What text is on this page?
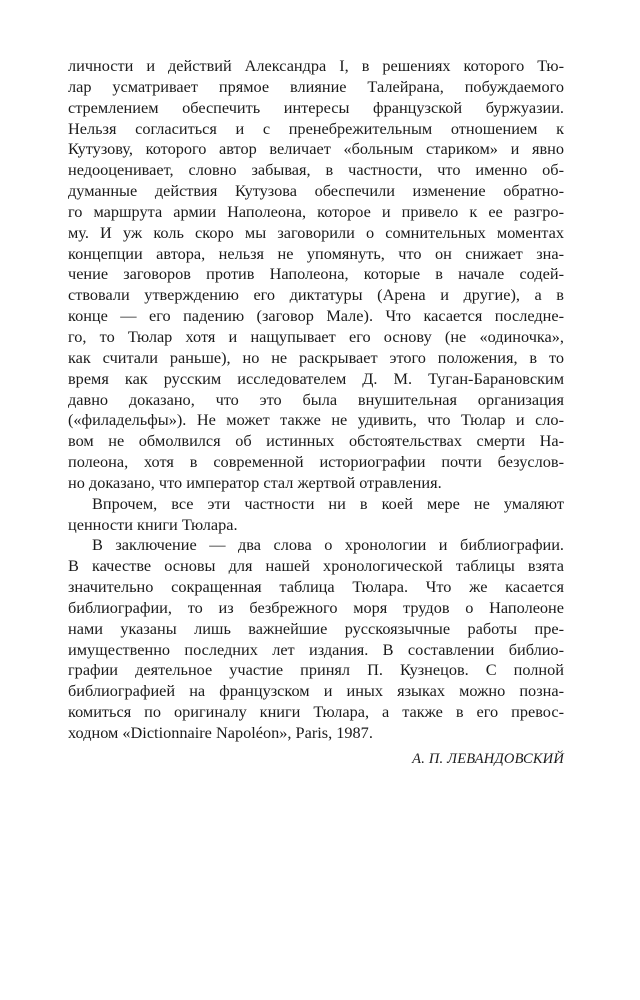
личности и действий Александра I, в решениях которого Тю-
лар усматривает прямое влияние Талейрана, побуждаемого
стремлением обеспечить интересы французской буржуазии.
Нельзя согласиться и с пренебрежительным отношением к
Кутузову, которого автор величает «больным стариком» и явно
недооценивает, словно забывая, в частности, что именно об-
думанные действия Кутузова обеспечили изменение обратно-
го маршрута армии Наполеона, которое и привело к ее разгро-
му. И уж коль скоро мы заговорили о сомнительных моментах
концепции автора, нельзя не упомянуть, что он снижает зна-
чение заговоров против Наполеона, которые в начале содей-
ствовали утверждению его диктатуры (Арена и другие), а в
конце — его падению (заговор Мале). Что касается последне-
го, то Тюлар хотя и нащупывает его основу (не «одиночка»,
как считали раньше), но не раскрывает этого положения, в то
время как русским исследователем Д. М. Туган-Барановским
давно доказано, что это была внушительная организация
(«филадельфы»). Не может также не удивить, что Тюлар и сло-
вом не обмолвился об истинных обстоятельствах смерти На-
полеона, хотя в современной историографии почти безуслов-
но доказано, что император стал жертвой отравления.
Впрочем, все эти частности ни в коей мере не умаляют
ценности книги Тюлара.
В заключение — два слова о хронологии и библиографии.
В качестве основы для нашей хронологической таблицы взята
значительно сокращенная таблица Тюлара. Что же касается
библиографии, то из безбрежного моря трудов о Наполеоне
нами указаны лишь важнейшие русскоязычные работы пре-
имущественно последних лет издания. В составлении библио-
графии деятельное участие принял П. Кузнецов. С полной
библиографией на французском и иных языках можно позна-
комиться по оригиналу книги Тюлара, а также в его превос-
ходном «Dictionnaire Napoléon», Paris, 1987.
А. П. ЛЕВАНДОВСКИЙ
